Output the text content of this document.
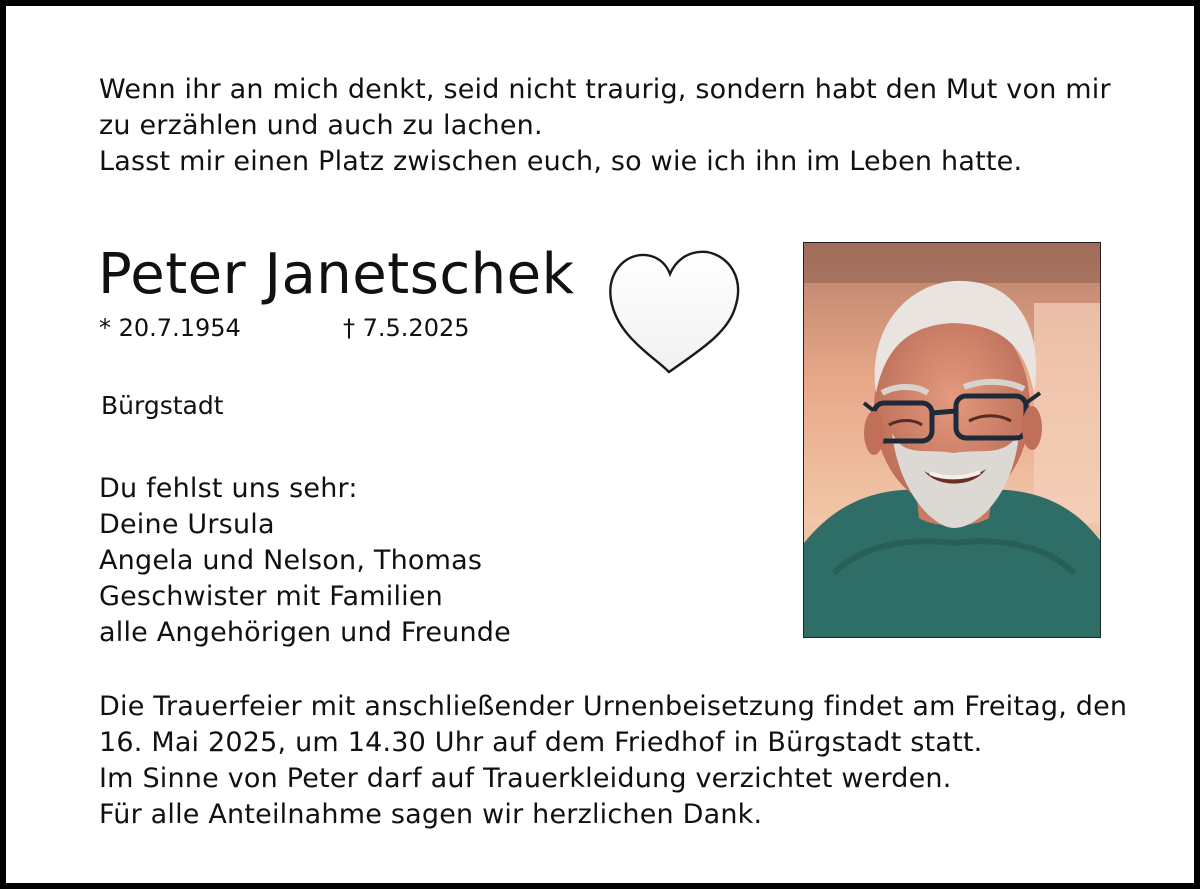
Wenn ihr an mich denkt, seid nicht traurig, sondern habt den Mut von mir
zu erzählen und auch zu lachen.
Lasst mir einen Platz zwischen euch, so wie ich ihn im Leben hatte.
Peter Janetschek
* 20.7.1954	† 7.5.2025
Bürgstadt
Du fehlst uns sehr:
Deine Ursula
Angela und Nelson, Thomas
Geschwister mit Familien
alle Angehörigen und Freunde
Die Trauerfeier mit anschließender Urnenbeisetzung findet am Freitag, den
16. Mai 2025, um 14.30 Uhr auf dem Friedhof in Bürgstadt statt.
Im Sinne von Peter darf auf Trauerkleidung verzichtet werden.
Für alle Anteilnahme sagen wir herzlichen Dank.
